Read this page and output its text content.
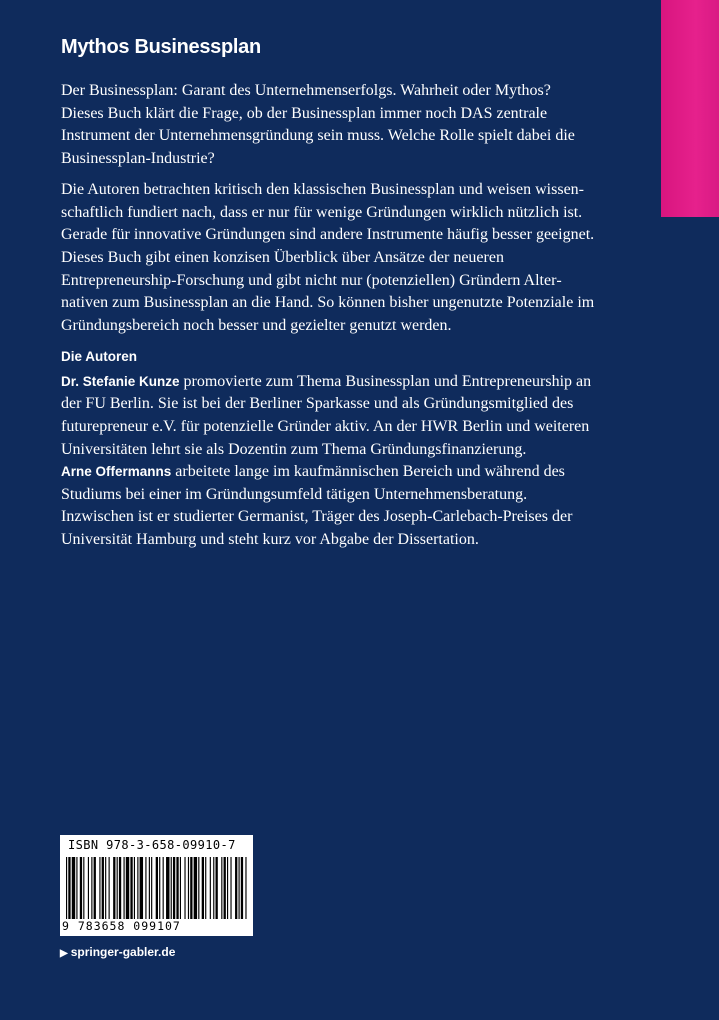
Mythos Businessplan

Der Businessplan: Garant des Unternehmenserfolgs. Wahrheit oder Mythos? Dieses Buch klärt die Frage, ob der Businessplan immer noch DAS zentrale Instrument der Unternehmensgründung sein muss. Welche Rolle spielt dabei die Businessplan-Industrie?

Die Autoren betrachten kritisch den klassischen Businessplan und weisen wissenschaftlich fundiert nach, dass er nur für wenige Gründungen wirklich nützlich ist. Gerade für innovative Gründungen sind andere Instrumente häufig besser geeignet. Dieses Buch gibt einen konzisen Überblick über Ansätze der neueren Entrepreneurship-Forschung und gibt nicht nur (potenziellen) Gründern Alternativen zum Businessplan an die Hand. So können bisher ungenutzte Potenziale im Gründungsbereich noch besser und gezielter genutzt werden.

Die Autoren
Dr. Stefanie Kunze promovierte zum Thema Businessplan und Entrepreneurship an der FU Berlin. Sie ist bei der Berliner Sparkasse und als Gründungsmitglied des futurepreneur e.V. für potenzielle Gründer aktiv. An der HWR Berlin und weiteren Universitäten lehrt sie als Dozentin zum Thema Gründungsfinanzierung.
Arne Offermanns arbeitete lange im kaufmännischen Bereich und während des Studiums bei einer im Gründungsumfeld tätigen Unternehmensberatung. Inzwischen ist er studierter Germanist, Träger des Joseph-Carlebach-Preises der Universität Hamburg und steht kurz vor Abgabe der Dissertation.
ISBN 978-3-658-09910-7
9 783658 099107
▶ springer-gabler.de
